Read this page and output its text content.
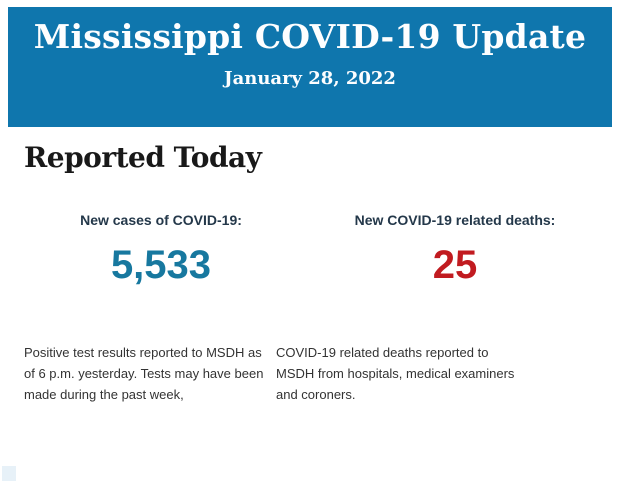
Mississippi COVID-19 Update
January 28, 2022
Reported Today
New cases of COVID-19:
5,533
New COVID-19 related deaths:
25

Positive test results reported to MSDH as of 6 p.m. yesterday. Tests may have been made during the past week,

COVID-19 related deaths reported to MSDH from hospitals, medical examiners and coroners.
